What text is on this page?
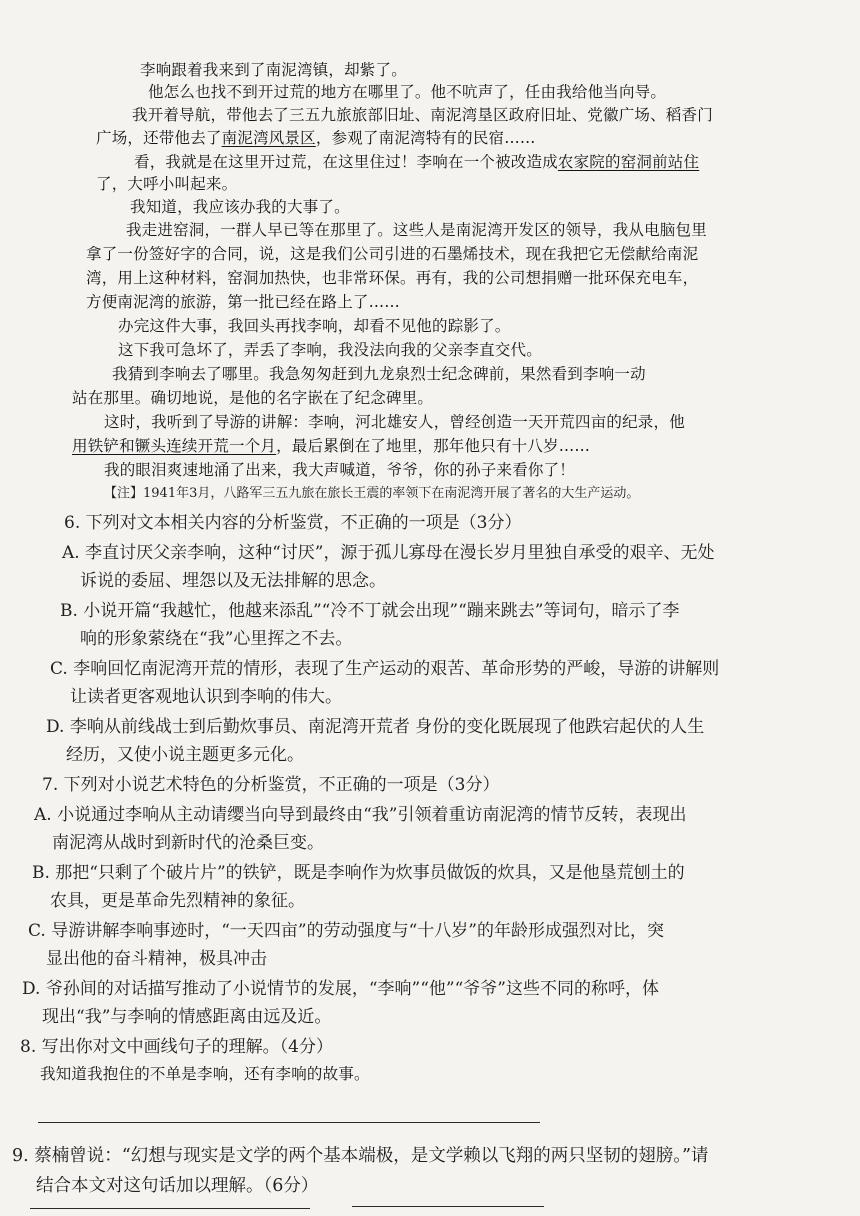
李响跟着我来到了南泥湾镇，却紫了。
他怎么也找不到开过荒的地方在哪里了。他不吭声了，任由我给他当向导。
我开着导航，带他去了三五九旅旅部旧址、南泥湾垦区政府旧址、党徽广场、稻香门
广场，还带他去了南泥湾风景区，参观了南泥湾特有的民宿……
看，我就是在这里开过荒，在这里住过！李响在一个被改造成农家院的窑洞前站住
了，大呼小叫起来。
我知道，我应该办我的大事了。
我走进窑洞，一群人早已等在那里了。这些人是南泥湾开发区的领导，我从电脑包里
拿了一份签好字的合同，说，这是我们公司引进的石墨烯技术，现在我把它无偿献给南泥
湾，用上这种材料，窑洞加热快，也非常环保。再有，我的公司想捐赠一批环保充电车，
方便南泥湾的旅游，第一批已经在路上了……
办完这件大事，我回头再找李响，却看不见他的踪影了。
这下我可急坏了，弄丢了李响，我没法向我的父亲李直交代。
我猜到李响去了哪里。我急匆匆赶到九龙泉烈士纪念碑前，果然看到李响一动
站在那里。确切地说，是他的名字嵌在了纪念碑里。
这时，我听到了导游的讲解：李响，河北雄安人，曾经创造一天开荒四亩的纪录，他
用铁铲和镢头连续开荒一个月，最后累倒在了地里，那年他只有十八岁……
我的眼泪爽速地涌了出来，我大声喊道，爷爷，你的孙子来看你了！
【注】1941年3月，八路军三五九旅在旅长王震的率领下在南泥湾开展了著名的大生产运动。
6. 下列对文本相关内容的分析鉴赏，不正确的一项是（3分）
A. 李直讨厌父亲李响，这种“讨厌”，源于孤儿寡母在漫长岁月里独自承受的艰辛、无处
诉说的委屈、埋怨以及无法排解的思念。
B. 小说开篇“我越忙，他越来添乱”“冷不丁就会出现”“蹦来跳去”等词句，暗示了李
响的形象萦绕在“我”心里挥之不去。
C. 李响回忆南泥湾开荒的情形，表现了生产运动的艰苦、革命形势的严峻，导游的讲解则
让读者更客观地认识到李响的伟大。
D. 李响从前线战士到后勤炊事员、南泥湾开荒者 身份的变化既展现了他跌宕起伏的人生
经历，又使小说主题更多元化。
7. 下列对小说艺术特色的分析鉴赏，不正确的一项是（3分）
A. 小说通过李响从主动请缨当向导到最终由“我”引领着重访南泥湾的情节反转，表现出
南泥湾从战时到新时代的沧桑巨变。
B. 那把“只剩了个破片片”的铁铲，既是李响作为炊事员做饭的炊具，又是他垦荒刨土的
农具，更是革命先烈精神的象征。
C. 导游讲解李响事迹时，“一天四亩”的劳动强度与“十八岁”的年龄形成强烈对比，突
显出他的奋斗精神，极具冲击
D. 爷孙间的对话描写推动了小说情节的发展，“李响”“他”“爷爷”这些不同的称呼，体
现出“我”与李响的情感距离由远及近。
8. 写出你对文中画线句子的理解。（4分）
我知道我抱住的不单是李响，还有李响的故事。
9. 蔡楠曾说：“幻想与现实是文学的两个基本端极，是文学赖以飞翔的两只坚韧的翅膀。”请
结合本文对这句话加以理解。（6分）
